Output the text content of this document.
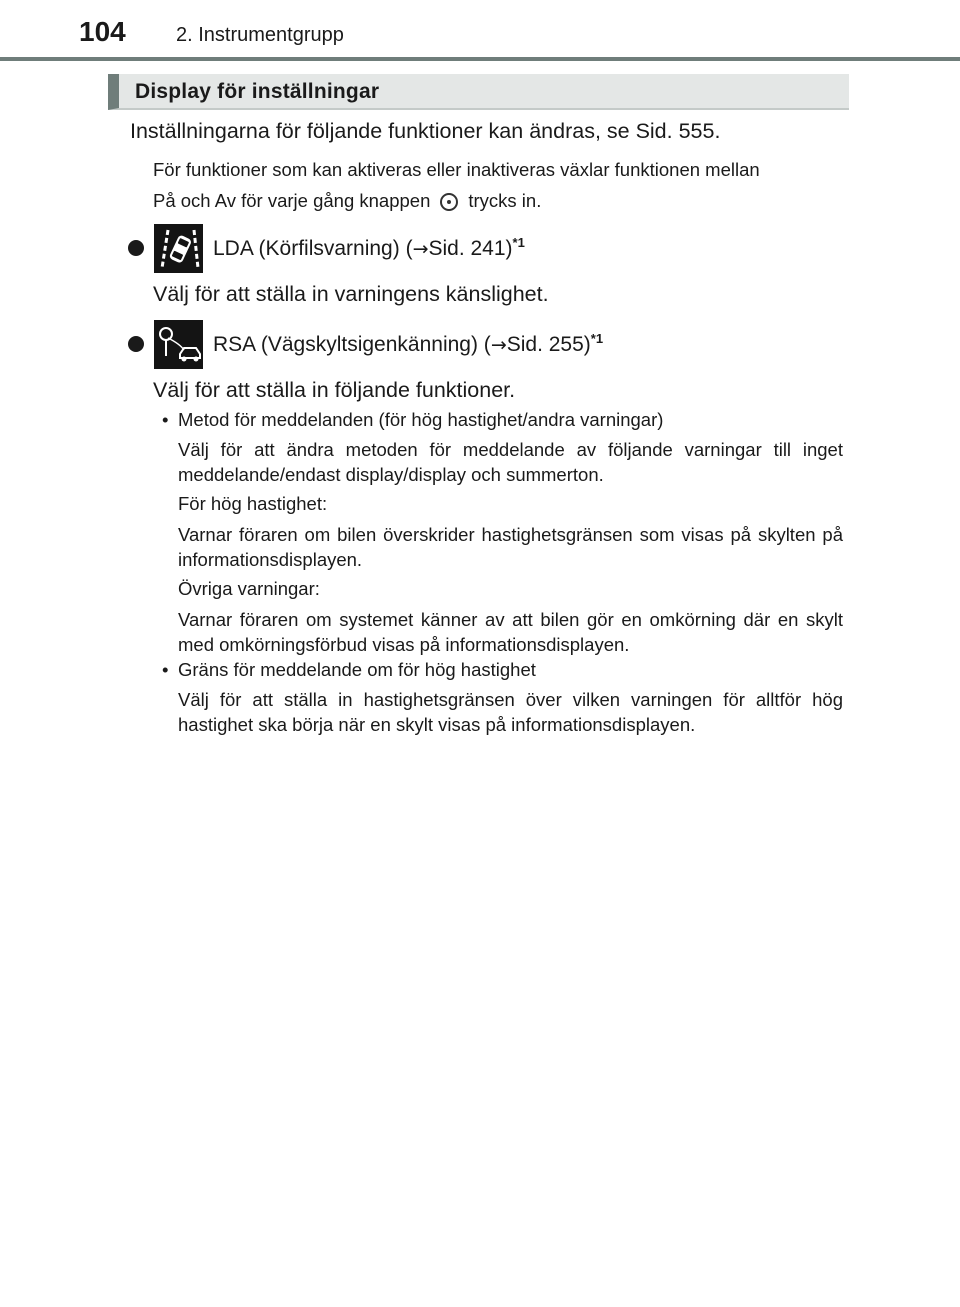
104	2. Instrumentgrupp
Display för inställningar
Inställningarna för följande funktioner kan ändras, se Sid. 555.
För funktioner som kan aktiveras eller inaktiveras växlar funktionen mellan
På och Av för varje gång knappen trycks in.
LDA (Körfilsvarning) (→Sid. 241)$^{*1}$
Välj för att ställa in varningens känslighet.
RSA (Vägskyltsigenkänning) (→Sid. 255)$^{*1}$
Välj för att ställa in följande funktioner.
• Metod för meddelanden (för hög hastighet/andra varningar)
Välj för att ändra metoden för meddelande av följande varningar till inget meddelande/endast display/display och summerton.
För hög hastighet:
Varnar föraren om bilen överskrider hastighetsgränsen som visas på skylten på informationsdisplayen.
Övriga varningar:
Varnar föraren om systemet känner av att bilen gör en omkörning där en skylt med omkörningsförbud visas på informationsdisplayen.
• Gräns för meddelande om för hög hastighet
Välj för att ställa in hastighetsgränsen över vilken varningen för alltför hög hastighet ska börja när en skylt visas på informationsdisplayen.
